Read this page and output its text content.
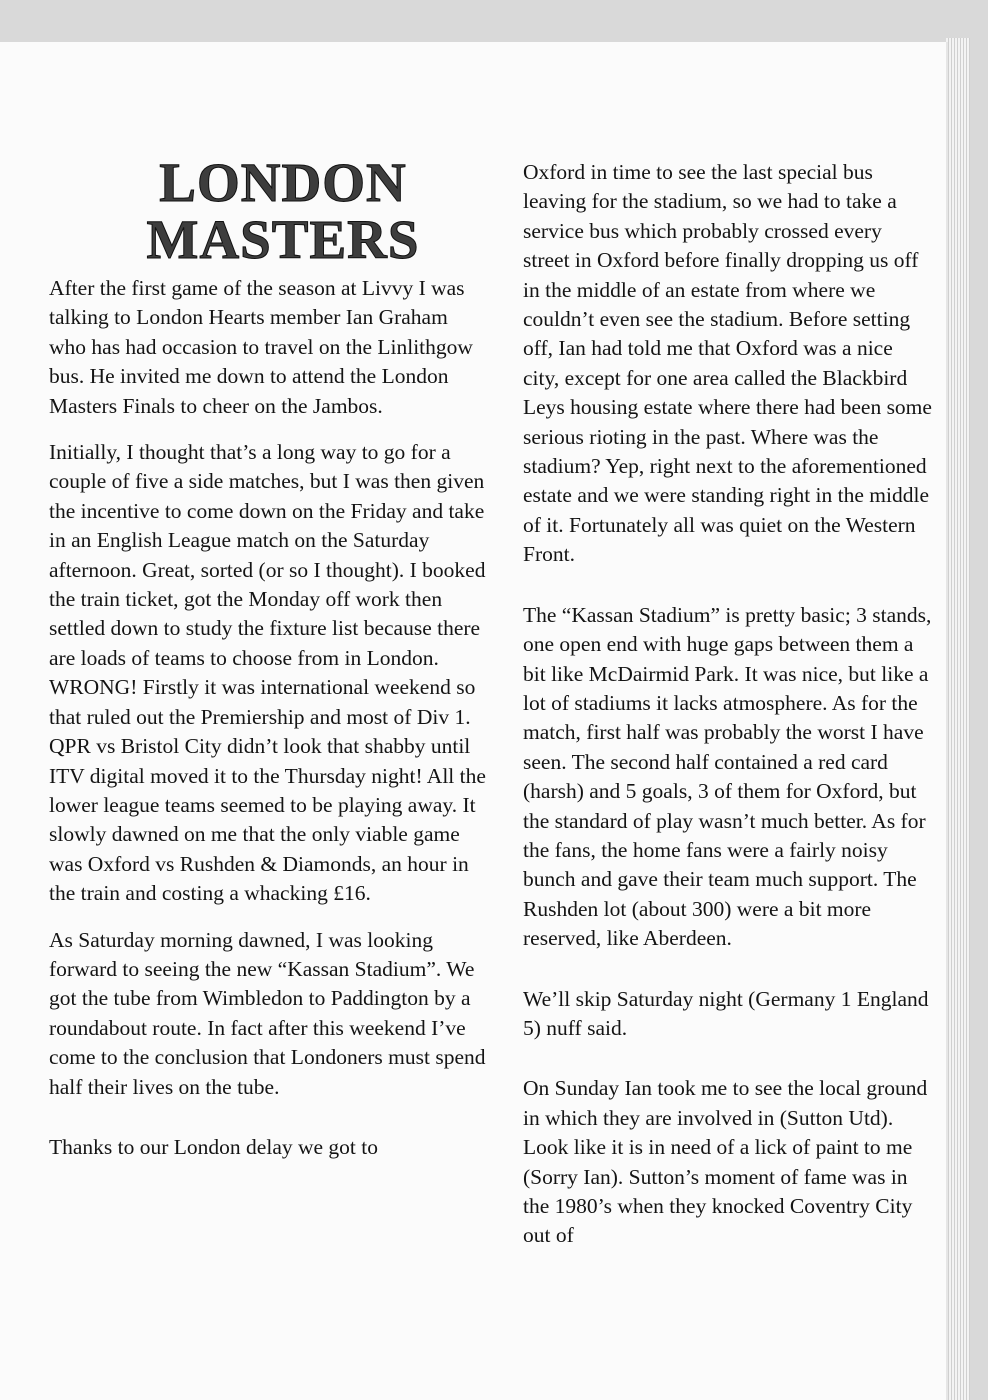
LONDON
MASTERS

After the first game of the season at Livvy I was talking to London Hearts member Ian Graham who has had occasion to travel on the Linlithgow bus. He invited me down to attend the London Masters Finals to cheer on the Jambos.

Initially, I thought that’s a long way to go for a couple of five a side matches, but I was then given the incentive to come down on the Friday and take in an English League match on the Saturday afternoon. Great, sorted (or so I thought). I booked the train ticket, got the Monday off work then settled down to study the fixture list because there are loads of teams to choose from in London. WRONG! Firstly it was international weekend so that ruled out the Premiership and most of Div 1. QPR vs Bristol City didn’t look that shabby until ITV digital moved it to the Thursday night! All the lower league teams seemed to be playing away. It slowly dawned on me that the only viable game was Oxford vs Rushden & Diamonds, an hour in the train and costing a whacking £16.

As Saturday morning dawned, I was looking forward to seeing the new “Kassan Stadium”. We got the tube from Wimbledon to Paddington by a roundabout route. In fact after this weekend I’ve come to the conclusion that Londoners must spend half their lives on the tube.

Thanks to our London delay we got to

Oxford in time to see the last special bus leaving for the stadium, so we had to take a service bus which probably crossed every street in Oxford before finally dropping us off in the middle of an estate from where we couldn’t even see the stadium. Before setting off, Ian had told me that Oxford was a nice city, except for one area called the Blackbird Leys housing estate where there had been some serious rioting in the past. Where was the stadium? Yep, right next to the aforementioned estate and we were standing right in the middle of it. Fortunately all was quiet on the Western Front.

The “Kassan Stadium” is pretty basic; 3 stands, one open end with huge gaps between them a bit like McDairmid Park. It was nice, but like a lot of stadiums it lacks atmosphere. As for the match, first half was probably the worst I have seen. The second half contained a red card (harsh) and 5 goals, 3 of them for Oxford, but the standard of play wasn’t much better. As for the fans, the home fans were a fairly noisy bunch and gave their team much support. The Rushden lot (about 300) were a bit more reserved, like Aberdeen.

We’ll skip Saturday night (Germany 1 England 5) nuff said.

On Sunday Ian took me to see the local ground in which they are involved in (Sutton Utd). Look like it is in need of a lick of paint to me (Sorry Ian). Sutton’s moment of fame was in the 1980’s when they knocked Coventry City out of
